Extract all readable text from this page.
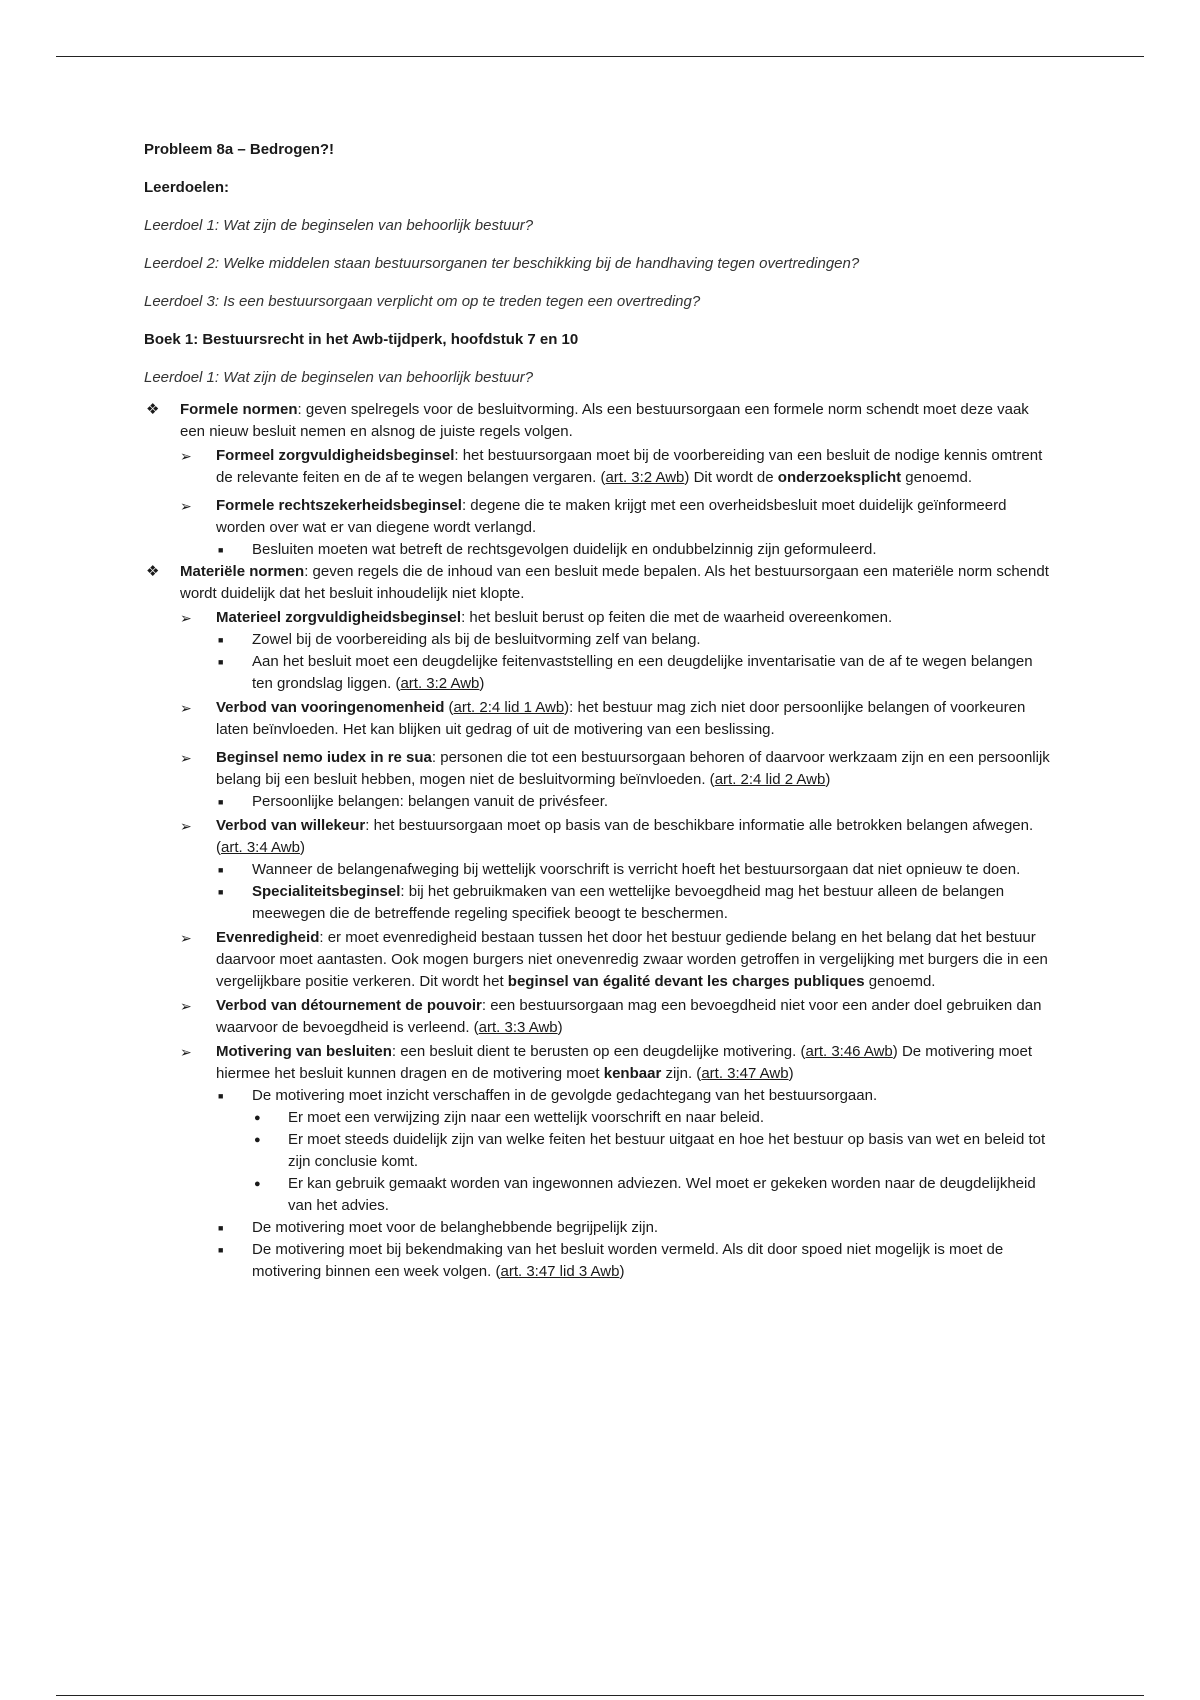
Probleem 8a – Bedrogen?!

Leerdoelen:

Leerdoel 1: Wat zijn de beginselen van behoorlijk bestuur?

Leerdoel 2: Welke middelen staan bestuursorganen ter beschikking bij de handhaving tegen overtredingen?

Leerdoel 3: Is een bestuursorgaan verplicht om op te treden tegen een overtreding?

Boek 1: Bestuursrecht in het Awb-tijdperk, hoofdstuk 7 en 10

Leerdoel 1: Wat zijn de beginselen van behoorlijk bestuur?

❖ Formele normen: geven spelregels voor de besluitvorming. Als een bestuursorgaan een formele norm schendt moet deze vaak een nieuw besluit nemen en alsnog de juiste regels volgen.
➢ Formeel zorgvuldigheidsbeginsel: het bestuursorgaan moet bij de voorbereiding van een besluit de nodige kennis omtrent de relevante feiten en de af te wegen belangen vergaren. (art. 3:2 Awb) Dit wordt de onderzoeksplicht genoemd.
➢ Formele rechtszekerheidsbeginsel: degene die te maken krijgt met een overheidsbesluit moet duidelijk geïnformeerd worden over wat er van diegene wordt verlangd.
■ Besluiten moeten wat betreft de rechtsgevolgen duidelijk en ondubbelzinnig zijn geformuleerd.
❖ Materiële normen: geven regels die de inhoud van een besluit mede bepalen. Als het bestuursorgaan een materiële norm schendt wordt duidelijk dat het besluit inhoudelijk niet klopte.
➢ Materieel zorgvuldigheidsbeginsel: het besluit berust op feiten die met de waarheid overeenkomen.
■ Zowel bij de voorbereiding als bij de besluitvorming zelf van belang.
■ Aan het besluit moet een deugdelijke feitenvaststelling en een deugdelijke inventarisatie van de af te wegen belangen ten grondslag liggen. (art. 3:2 Awb)
➢ Verbod van vooringenomenheid (art. 2:4 lid 1 Awb): het bestuur mag zich niet door persoonlijke belangen of voorkeuren laten beïnvloeden. Het kan blijken uit gedrag of uit de motivering van een beslissing.
➢ Beginsel nemo iudex in re sua: personen die tot een bestuursorgaan behoren of daarvoor werkzaam zijn en een persoonlijk belang bij een besluit hebben, mogen niet de besluitvorming beïnvloeden. (art. 2:4 lid 2 Awb)
■ Persoonlijke belangen: belangen vanuit de privésfeer.
➢ Verbod van willekeur: het bestuursorgaan moet op basis van de beschikbare informatie alle betrokken belangen afwegen. (art. 3:4 Awb)
■ Wanneer de belangenafweging bij wettelijk voorschrift is verricht hoeft het bestuursorgaan dat niet opnieuw te doen.
■ Specialiteitsbeginsel: bij het gebruikmaken van een wettelijke bevoegdheid mag het bestuur alleen de belangen meewegen die de betreffende regeling specifiek beoogt te beschermen.
➢ Evenredigheid: er moet evenredigheid bestaan tussen het door het bestuur gediende belang en het belang dat het bestuur daarvoor moet aantasten. Ook mogen burgers niet onevenredig zwaar worden getroffen in vergelijking met burgers die in een vergelijkbare positie verkeren. Dit wordt het beginsel van égalité devant les charges publiques genoemd.
➢ Verbod van détournement de pouvoir: een bestuursorgaan mag een bevoegdheid niet voor een ander doel gebruiken dan waarvoor de bevoegdheid is verleend. (art. 3:3 Awb)
➢ Motivering van besluiten: een besluit dient te berusten op een deugdelijke motivering. (art. 3:46 Awb) De motivering moet hiermee het besluit kunnen dragen en de motivering moet kenbaar zijn. (art. 3:47 Awb)
■ De motivering moet inzicht verschaffen in de gevolgde gedachtegang van het bestuursorgaan.
● Er moet een verwijzing zijn naar een wettelijk voorschrift en naar beleid.
● Er moet steeds duidelijk zijn van welke feiten het bestuur uitgaat en hoe het bestuur op basis van wet en beleid tot zijn conclusie komt.
● Er kan gebruik gemaakt worden van ingewonnen adviezen. Wel moet er gekeken worden naar de deugdelijkheid van het advies.
■ De motivering moet voor de belanghebbende begrijpelijk zijn.
■ De motivering moet bij bekendmaking van het besluit worden vermeld. Als dit door spoed niet mogelijk is moet de motivering binnen een week volgen. (art. 3:47 lid 3 Awb)
